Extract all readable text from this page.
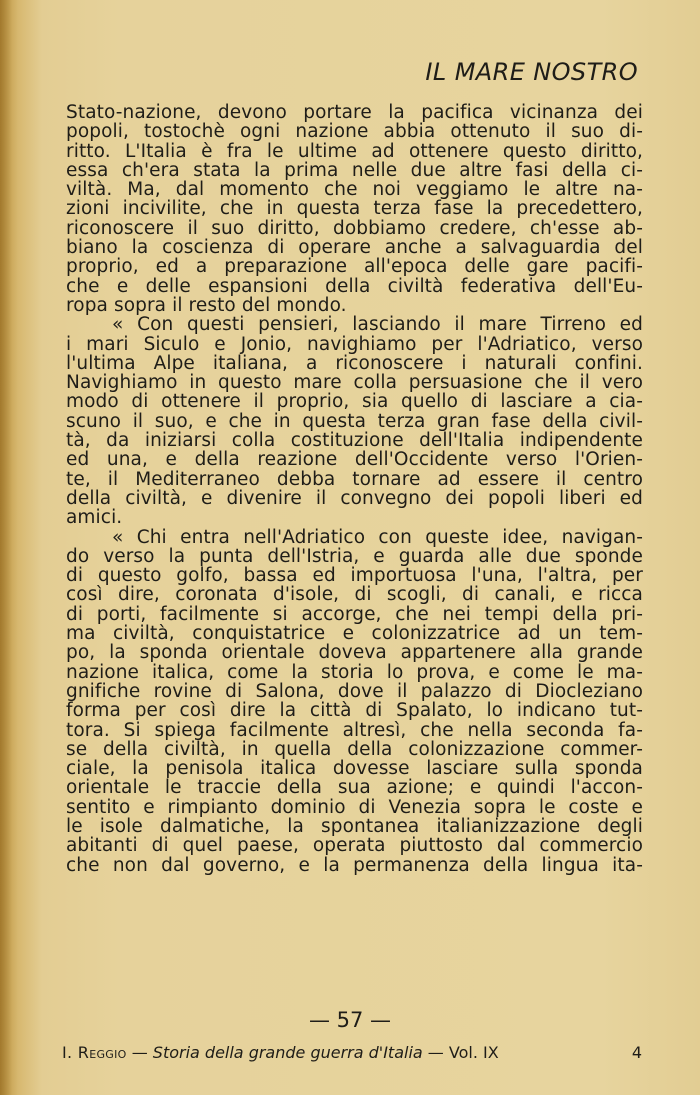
IL MARE NOSTRO
Stato-nazione, devono portare la pacifica vicinanza dei
popoli, tostochè ogni nazione abbia ottenuto il suo di-
ritto. L'Italia è fra le ultime ad ottenere questo diritto,
essa ch'era stata la prima nelle due altre fasi della ci-
viltà. Ma, dal momento che noi veggiamo le altre na-
zioni incivilite, che in questa terza fase la precedettero,
riconoscere il suo diritto, dobbiamo credere, ch'esse ab-
biano la coscienza di operare anche a salvaguardia del
proprio, ed a preparazione all'epoca delle gare pacifi-
che e delle espansioni della civiltà federativa dell'Eu-
ropa sopra il resto del mondo.
« Con questi pensieri, lasciando il mare Tirreno ed
i mari Siculo e Jonio, navighiamo per l'Adriatico, verso
l'ultima Alpe italiana, a riconoscere i naturali confini.
Navighiamo in questo mare colla persuasione che il vero
modo di ottenere il proprio, sia quello di lasciare a cia-
scuno il suo, e che in questa terza gran fase della civil-
tà, da iniziarsi colla costituzione dell'Italia indipendente
ed una, e della reazione dell'Occidente verso l'Orien-
te, il Mediterraneo debba tornare ad essere il centro
della civiltà, e divenire il convegno dei popoli liberi ed
amici.
« Chi entra nell'Adriatico con queste idee, navigan-
do verso la punta dell'Istria, e guarda alle due sponde
di questo golfo, bassa ed importuosa l'una, l'altra, per
così dire, coronata d'isole, di scogli, di canali, e ricca
di porti, facilmente si accorge, che nei tempi della pri-
ma civiltà, conquistatrice e colonizzatrice ad un tem-
po, la sponda orientale doveva appartenere alla grande
nazione italica, come la storia lo prova, e come le ma-
gnifiche rovine di Salona, dove il palazzo di Diocleziano
forma per così dire la città di Spalato, lo indicano tut-
tora. Si spiega facilmente altresì, che nella seconda fa-
se della civiltà, in quella della colonizzazione commer-
ciale, la penisola italica dovesse lasciare sulla sponda
orientale le traccie della sua azione; e quindi l'accon-
sentito e rimpianto dominio di Venezia sopra le coste e
le isole dalmatiche, la spontanea italianizzazione degli
abitanti di quel paese, operata piuttosto dal commercio
che non dal governo, e la permanenza della lingua ita-
— 57 —
I. Reggio — Storia della grande guerra d'Italia — Vol. IX	4
